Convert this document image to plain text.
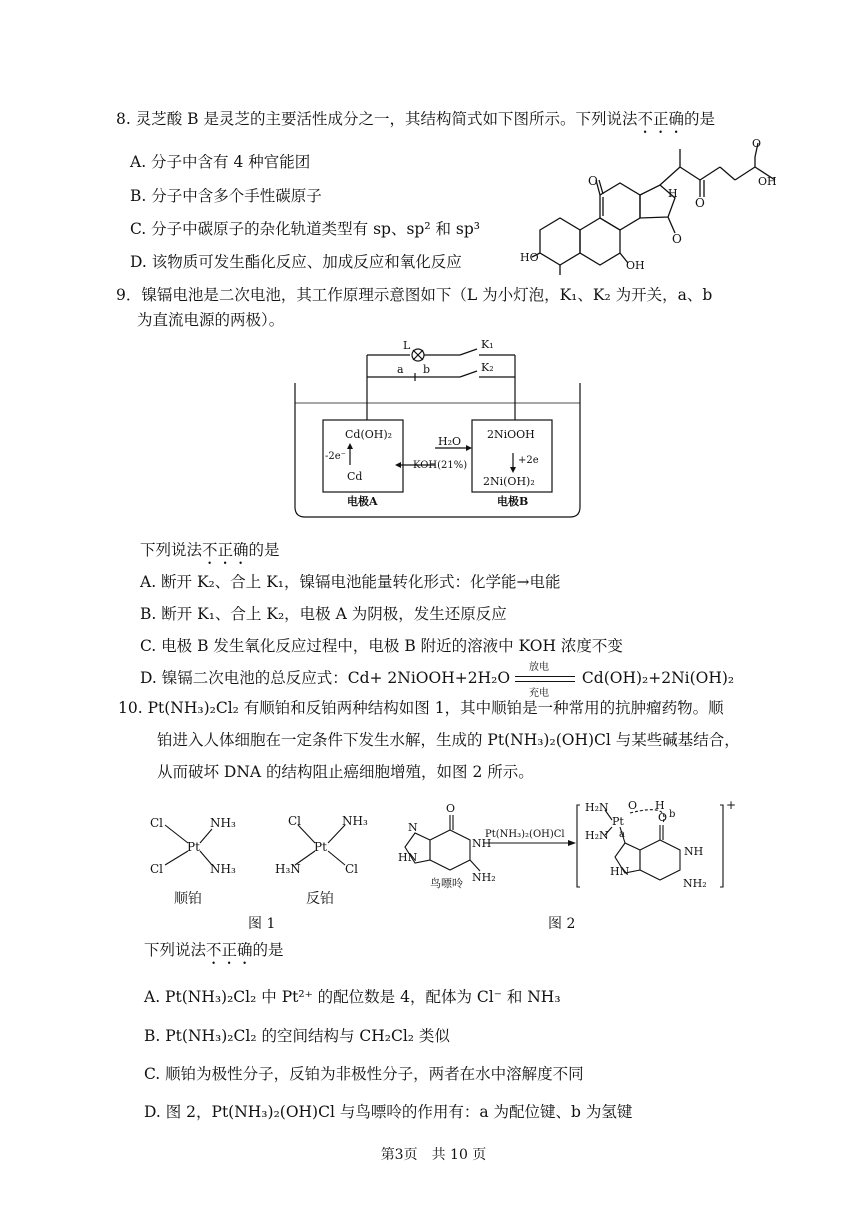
8. 灵芝酸 B 是灵芝的主要活性成分之一，其结构简式如下图所示。下列说法不正确的是
A. 分子中含有 4 种官能团
B. 分子中含多个手性碳原子
C. 分子中碳原子的杂化轨道类型有 sp、sp² 和 sp³
D. 该物质可发生酯化反应、加成反应和氧化反应
O
O
O
O
OH
HO
OH
H
9．镍镉电池是二次电池，其工作原理示意图如下（L 为小灯泡，K₁、K₂ 为开关，a、b
为直流电源的两极）。
L	K₁
K₂
a b
Cd(OH)₂
-2e⁻
Cd
2NiOOH
+2e
2Ni(OH)₂
H₂O
KOH(21%)
电极A	电极B
下列说法不正确的是
A. 断开 K₂、合上 K₁，镍镉电池能量转化形式：化学能→电能
B. 断开 K₁、合上 K₂，电极 A 为阴极，发生还原反应
C. 电极 B 发生氧化反应过程中，电极 B 附近的溶液中 KOH 浓度不变
D. 镍镉二次电池的总反应式：Cd+ 2NiOOH+2H₂O
放电
充电
Cd(OH)₂+2Ni(OH)₂
10. Pt(NH₃)₂Cl₂ 有顺铂和反铂两种结构如图 1，其中顺铂是一种常用的抗肿瘤药物。顺
铂进入人体细胞在一定条件下发生水解，生成的 Pt(NH₃)₂(OH)Cl 与某些碱基结合，
从而破坏 DNA 的结构阻止癌细胞增殖，如图 2 所示。
Cl	NH₃
Pt
Cl	NH₃
Cl	NH₃
Pt
H₃N	Cl
顺铂	反铂
O
N
NH
HN
NH₂
鸟嘌呤
Pt(NH₃)₂(OH)Cl
H₂N
H₂N
Pt
O H
b
a
O
NH
HN
NH₂
+
图 1	图 2
下列说法不正确的是
A. Pt(NH₃)₂Cl₂ 中 Pt²⁺ 的配位数是 4，配体为 Cl⁻ 和 NH₃
B. Pt(NH₃)₂Cl₂ 的空间结构与 CH₂Cl₂ 类似
C. 顺铂为极性分子，反铂为非极性分子，两者在水中溶解度不同
D. 图 2，Pt(NH₃)₂(OH)Cl 与鸟嘌呤的作用有：a 为配位键、b 为氢键
第3页　共 10 页
